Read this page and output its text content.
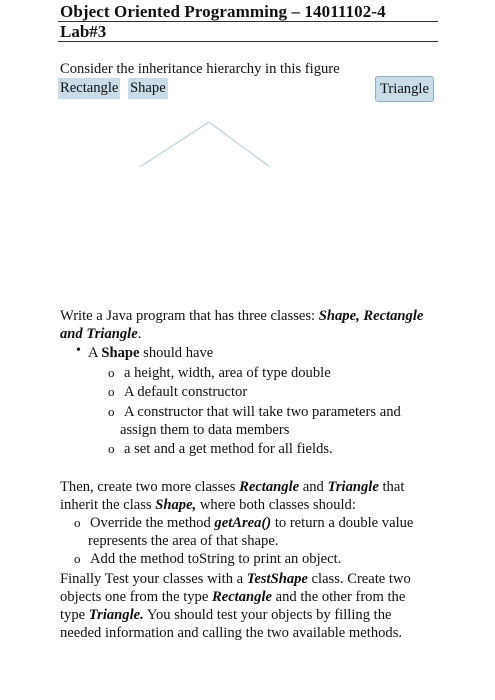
Object Oriented Programming – 14011102-4
Lab#3
Consider the inheritance hierarchy in this figure
Rectangle Shape	Triangle
Write a Java program that has three classes: Shape, Rectangle
and Triangle.
• A Shape should have
o a height, width, area of type double
o A default constructor
o A constructor that will take two parameters and
assign them to data members
o a set and a get method for all fields.
Then, create two more classes Rectangle and Triangle that
inherit the class Shape, where both classes should:
o Override the method getArea() to return a double value
represents the area of that shape.
o Add the method toString to print an object.
Finally Test your classes with a TestShape class. Create two
objects one from the type Rectangle and the other from the
type Triangle. You should test your objects by filling the
needed information and calling the two available methods.
